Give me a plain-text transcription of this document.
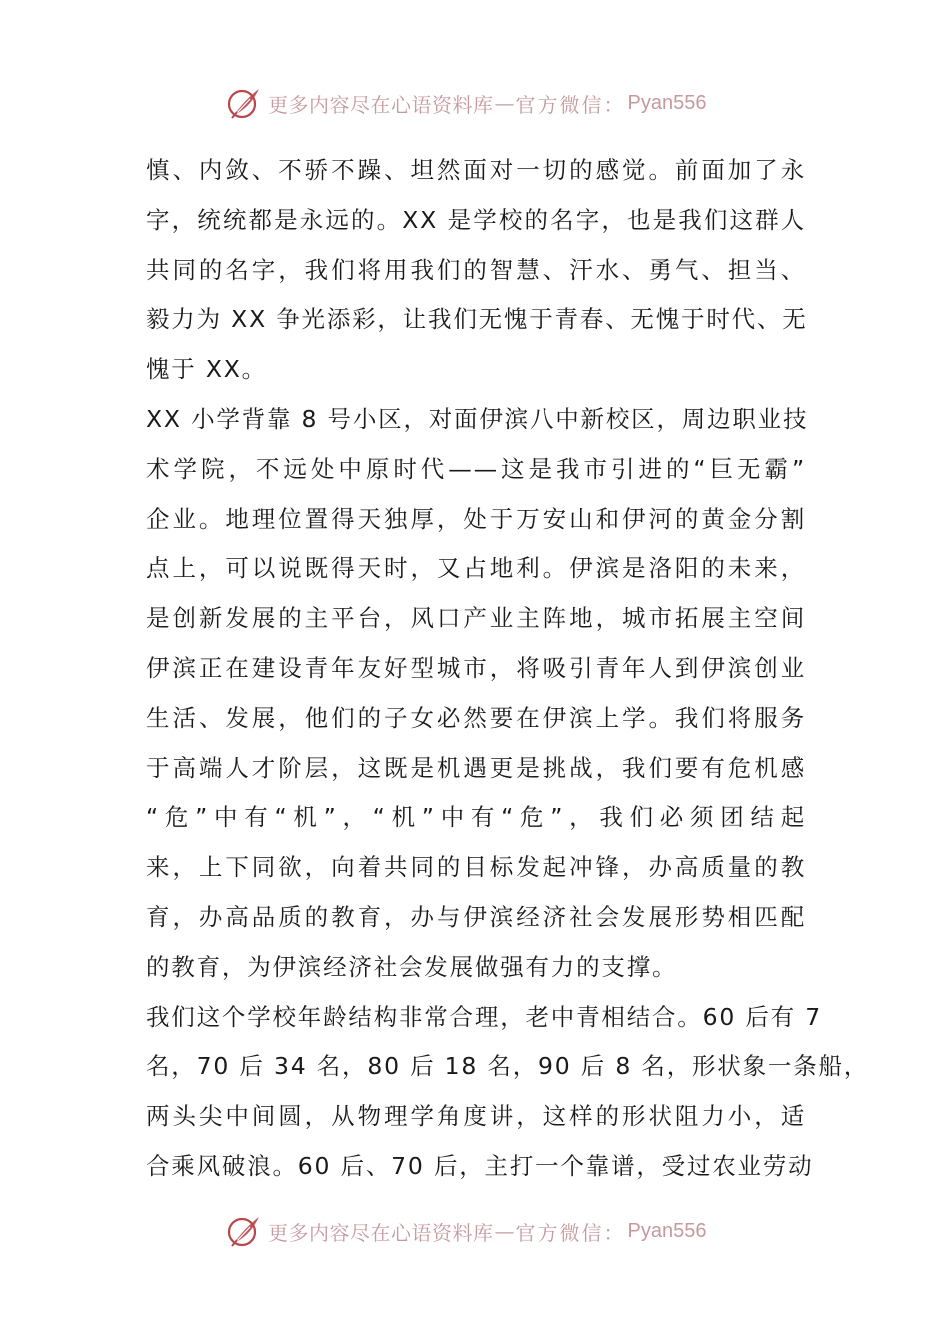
更多内容尽在心语资料库 — 官方微信： Pyan556
慎、内敛、不骄不躁、坦然面对一切的感觉。前面加了永
字，统统都是永远的。XX 是学校的名字，也是我们这群人
共同的名字，我们将用我们的智慧、汗水、勇气、担当、
毅力为 XX 争光添彩，让我们无愧于青春、无愧于时代、无
愧于 XX。
XX 小学背靠 8 号小区，对面伊滨八中新校区，周边职业技
术学院，不远处中原时代——这是我市引进的“巨无霸”
企业。地理位置得天独厚，处于万安山和伊河的黄金分割
点上，可以说既得天时，又占地利。伊滨是洛阳的未来，
是创新发展的主平台，风口产业主阵地，城市拓展主空间
伊滨正在建设青年友好型城市，将吸引青年人到伊滨创业
生活、发展，他们的子女必然要在伊滨上学。我们将服务
于高端人才阶层，这既是机遇更是挑战，我们要有危机感
“危”中有“机”，“机”中有“危”，我们必须团结起
来，上下同欲，向着共同的目标发起冲锋，办高质量的教
育，办高品质的教育，办与伊滨经济社会发展形势相匹配
的教育，为伊滨经济社会发展做强有力的支撑。
我们这个学校年龄结构非常合理，老中青相结合。60 后有 7
名，70 后 34 名，80 后 18 名，90 后 8 名，形状象一条船，
两头尖中间圆，从物理学角度讲，这样的形状阻力小，适
合乘风破浪。60 后、70 后，主打一个靠谱，受过农业劳动
更多内容尽在心语资料库 — 官方微信： Pyan556
